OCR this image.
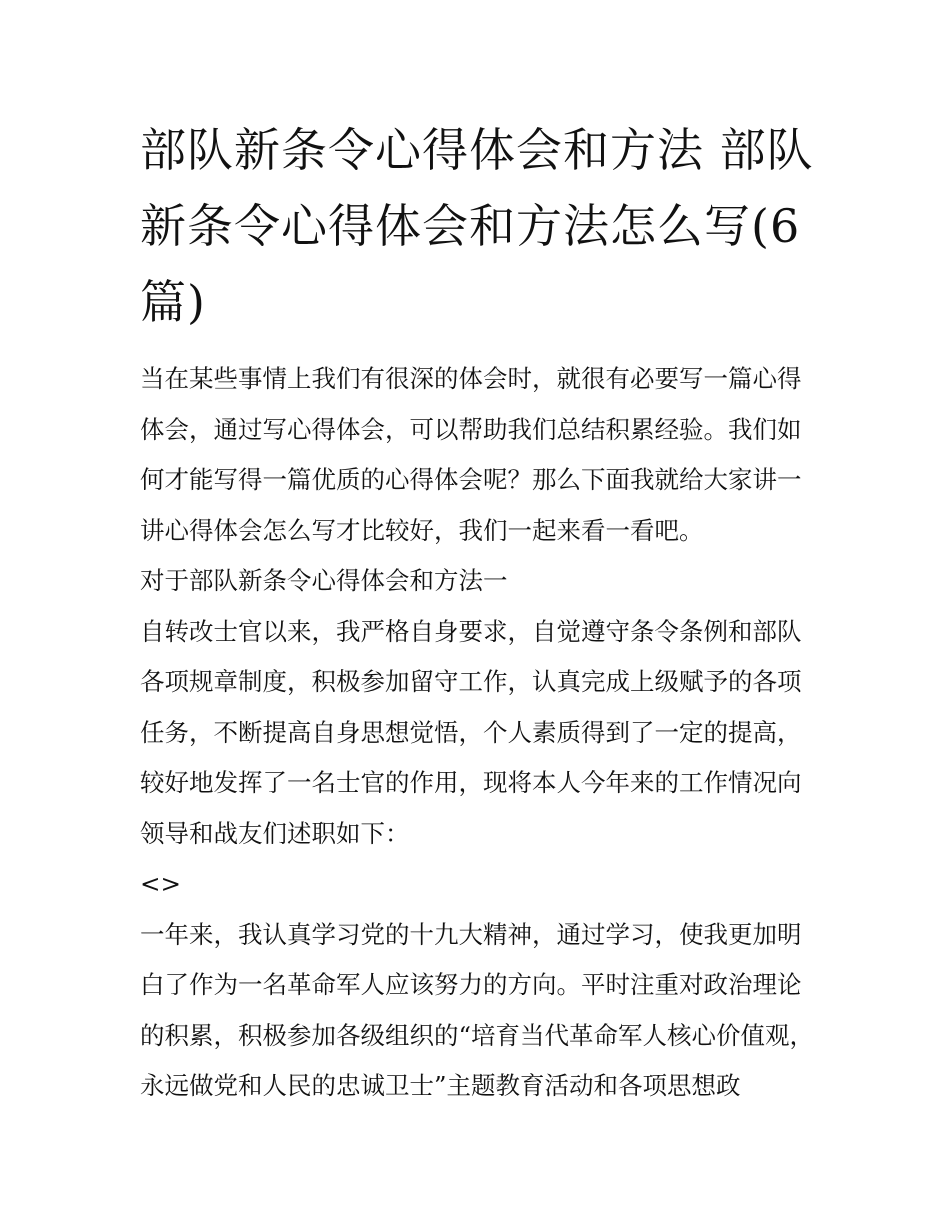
部队新条令心得体会和方法 部队新条令心得体会和方法怎么写(6篇)

当在某些事情上我们有很深的体会时，就很有必要写一篇心得体会，通过写心得体会，可以帮助我们总结积累经验。我们如何才能写得一篇优质的心得体会呢？那么下面我就给大家讲一讲心得体会怎么写才比较好，我们一起来看一看吧。

对于部队新条令心得体会和方法一

自转改士官以来，我严格自身要求，自觉遵守条令条例和部队各项规章制度，积极参加留守工作，认真完成上级赋予的各项任务，不断提高自身思想觉悟，个人素质得到了一定的提高，较好地发挥了一名士官的作用，现将本人今年来的工作情况向领导和战友们述职如下：

<>

一年来，我认真学习党的十九大精神，通过学习，使我更加明白了作为一名革命军人应该努力的方向。平时注重对政治理论的积累，积极参加各级组织的“培育当代革命军人核心价值观，永远做党和人民的忠诚卫士”主题教育活动和各项思想政
